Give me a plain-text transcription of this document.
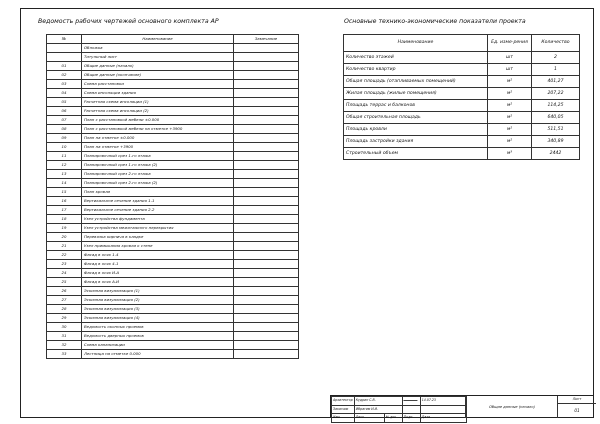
Ведомость рабочих чертежей основного комплекта АР	Основные технико-экономические показатели проекта
№	Наименование	Замечание
	Обложка	
	Титульный лист	
01	Общие данные (начало)	
02	Общие данные (окончание)	
03	Схема расстановки	
04	Схема инсоляции здания	
05	Расчетная схема инсоляции (1)	
06	Расчетная схема инсоляции (2)	
07	План с расстановкой мебели ±0.000	
08	План с расстановкой мебели на отметке +3900	
09	План на отметке ±0.000	
10	План на отметке +3900	
11	Планировочный срез 1-го этажа	
12	Планировочный срез 1-го этажа (2)	
13	Планировочный срез 2-го этажа	
14	Планировочный срез 2-го этажа (2)	
15	План кровли	
16	Вертикальное сечение здания 1-1	
17	Вертикальное сечение здания 2-2	
18	Узел устройства фундамента	
19	Узел устройства межэтажного перекрытия	
20	Перевязка кирпича в кладке	
21	Узел примыкания кровли к стене	
22	Фасад в осях 1-4	
23	Фасад в осях 4-1	
24	Фасад в осях И-А	
25	Фасад в осях А-И	
26	Эскизная визуализация (1)	
27	Эскизная визуализация (2)	
28	Эскизная визуализация (3)	
29	Эскизная визуализация (4)	
30	Ведомость оконных проемов	
31	Ведомость дверных проемов	
32	Схема канализации	
33	Лестница на отметке 0.000	
Наименование	Ед. изме-рения	Количество
Количество этажей	шт	2
Количество квартир	шт	1
Общая площадь (отапливаемых помещений)	м²	401,27
Жилая площадь (жилые помещения)	м²	207,22
Площадь террас и балконов	м²	114,25
Общая строительная площадь	м²	640,05
Площадь кровли	м²	511,51
Площадь застройки здания	м²	340,89
Строительный объем	м³	2442
Архитектор	Кудрин С.В.			14.07.23
Заказчик	Ибрагим И.И.			
Изм	Лист	№ док	Подп	Дата
Общие данные (начало)
Лист
01
